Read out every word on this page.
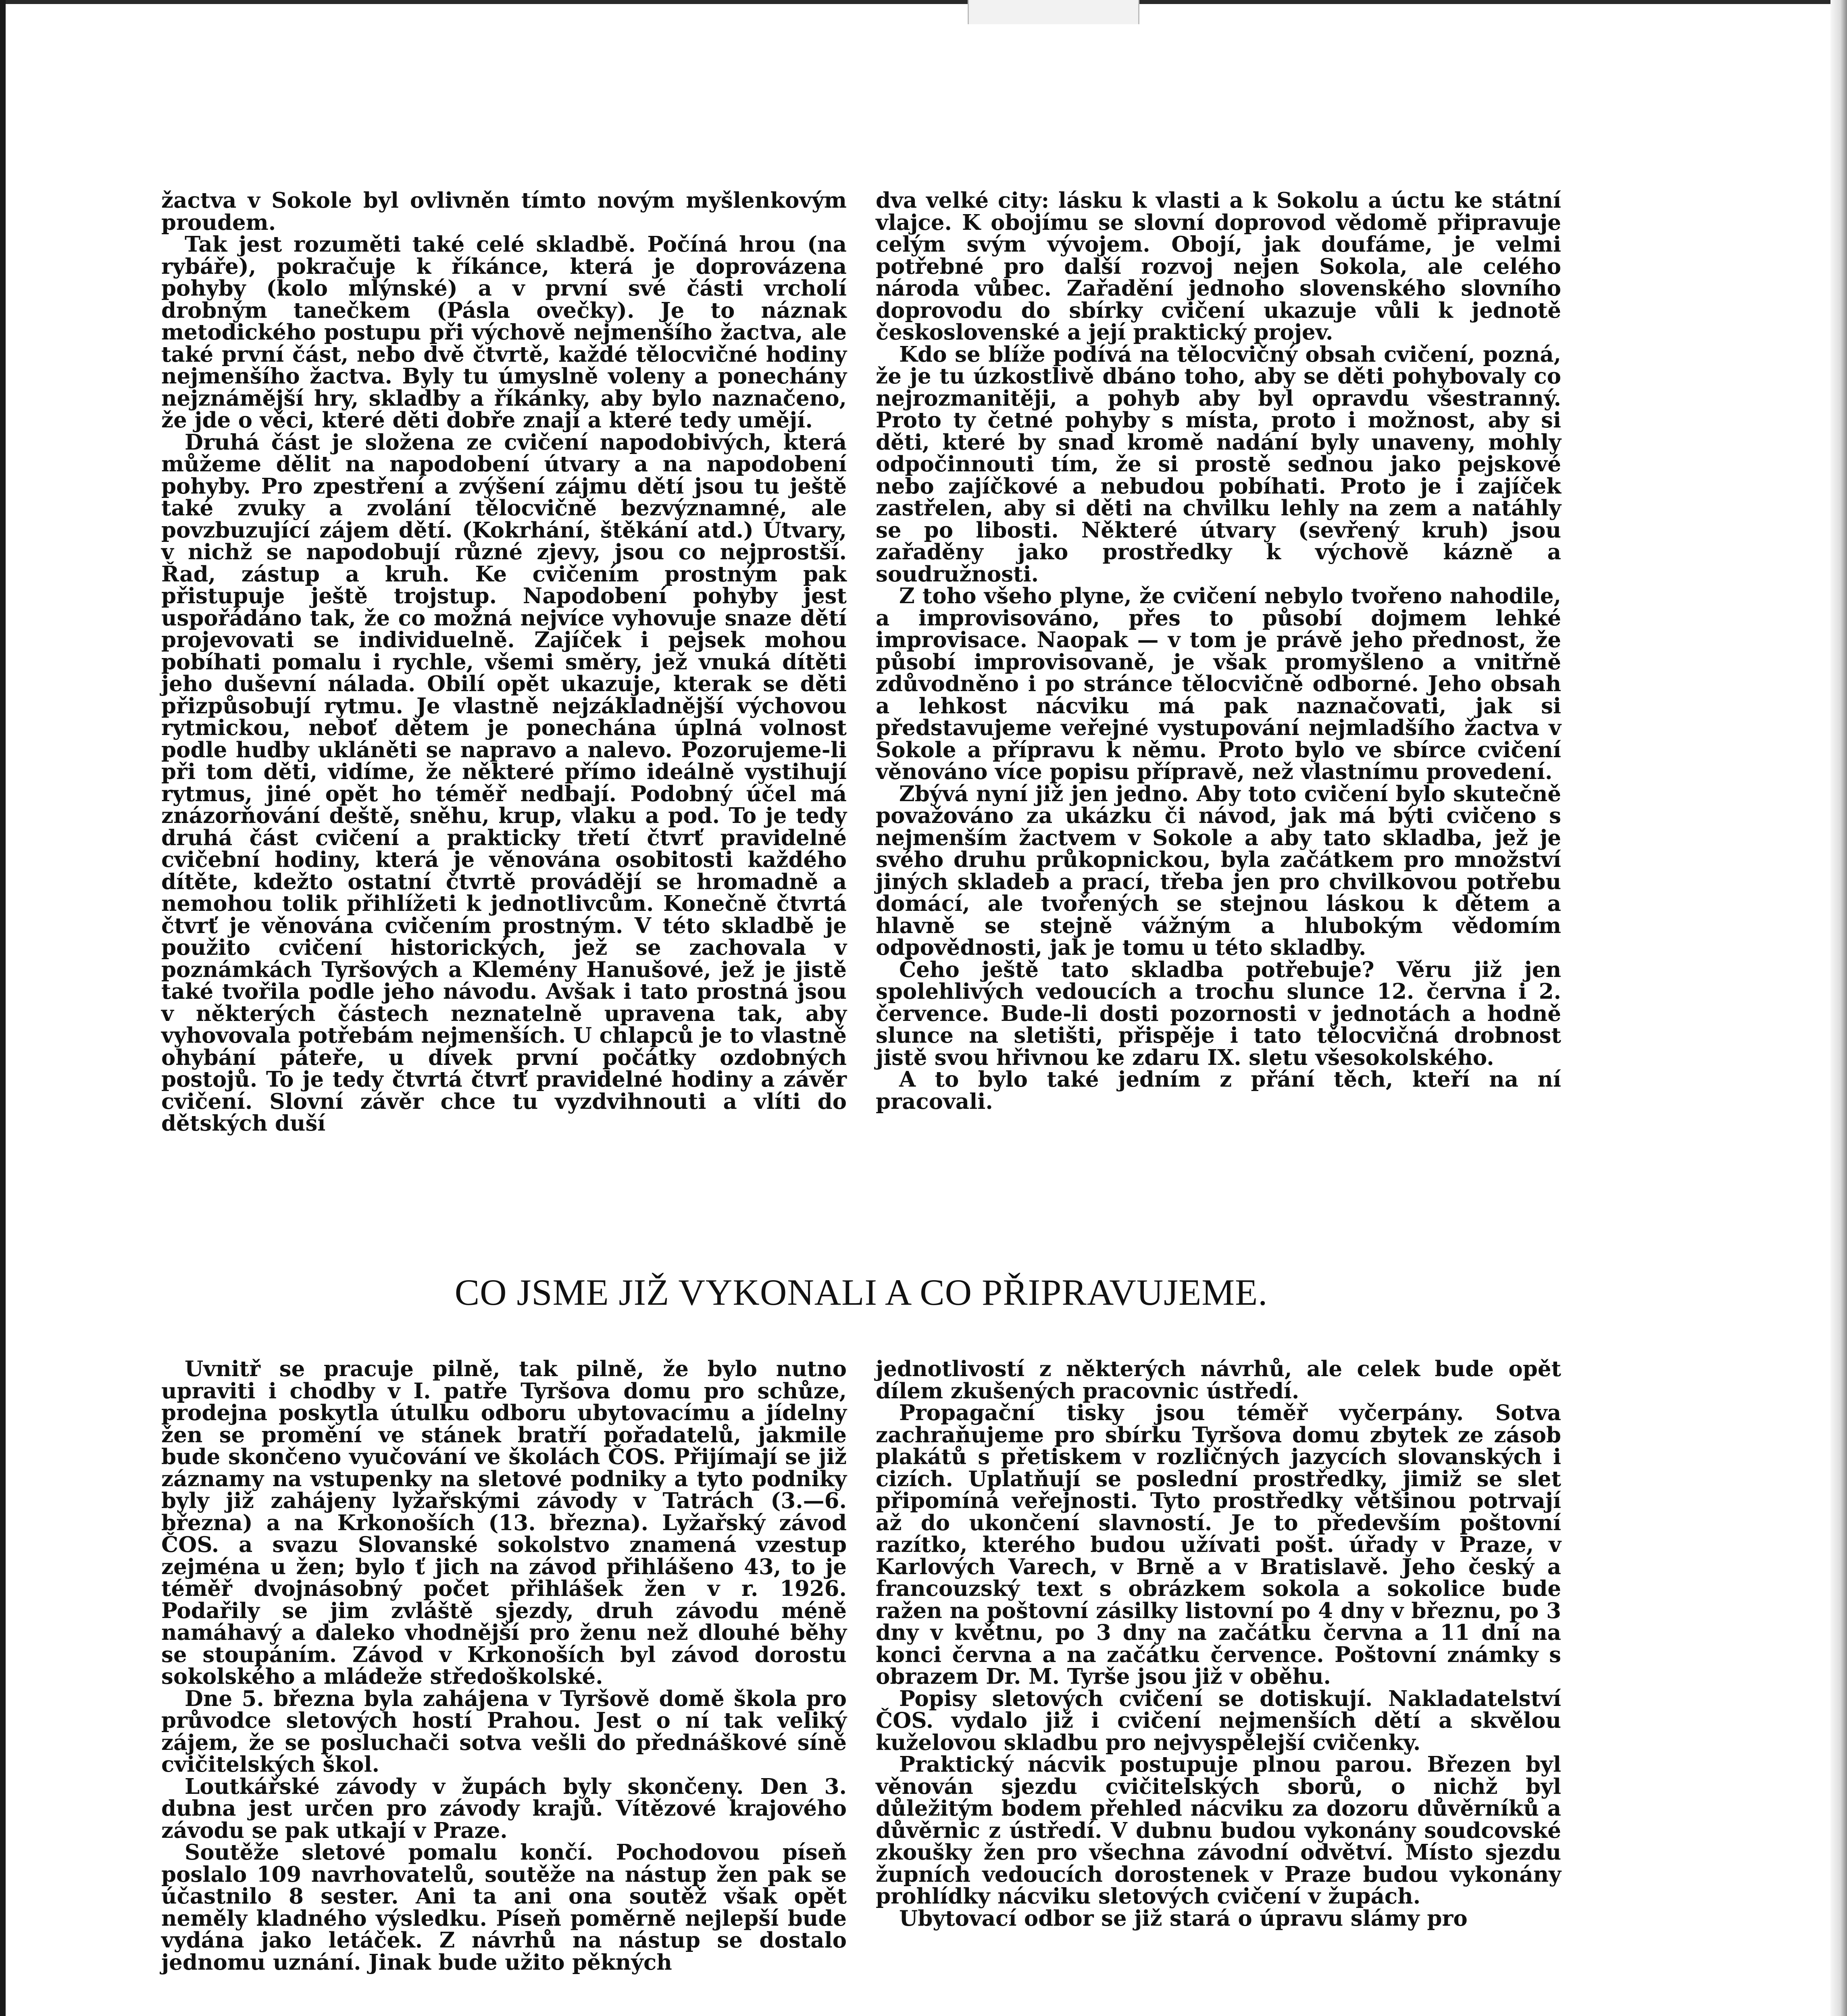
žactva v Sokole byl ovlivněn tímto novým myšlenkovým proudem.

Tak jest rozuměti také celé skladbě. Počíná hrou (na rybáře), pokračuje k říkánce, která je doprovázena pohyby (kolo mlýnské) a v první své části vrcholí drobným tanečkem (Pásla ovečky). Je to náznak metodického postupu při výchově nejmenšího žactva, ale také první část, nebo dvě čtvrtě, každé tělocvičné hodiny nejmenšího žactva. Byly tu úmyslně voleny a ponechány nejznámější hry, skladby a říkánky, aby bylo naznačeno, že jde o věci, které děti dobře znají a které tedy umějí.

Druhá část je složena ze cvičení napodobivých, která můžeme dělit na napodobení útvary a na napodobení pohyby. Pro zpestření a zvýšení zájmu dětí jsou tu ještě také zvuky a zvolání tělocvičně bezvýznamné, ale povzbuzující zájem dětí. (Kokrhání, štěkání atd.) Útvary, v nichž se napodobují různé zjevy, jsou co nejprostší. Řad, zástup a kruh. Ke cvičením prostným pak přistupuje ještě trojstup. Napodobení pohyby jest uspořádáno tak, že co možná nejvíce vyhovuje snaze dětí projevovati se individuelně. Zajíček i pejsek mohou pobíhati pomalu i rychle, všemi směry, jež vnuká dítěti jeho duševní nálada. Obilí opět ukazuje, kterak se děti přizpůsobují rytmu. Je vlastně nejzákladnější výchovou rytmickou, neboť dětem je ponechána úplná volnost podle hudby ukláněti se napravo a nalevo. Pozorujeme-li při tom děti, vidíme, že některé přímo ideálně vystihují rytmus, jiné opět ho téměř nedbají. Podobný účel má znázorňování deště, sněhu, krup, vlaku a pod. To je tedy druhá část cvičení a prakticky třetí čtvrť pravidelné cvičební hodiny, která je věnována osobitosti každého dítěte, kdežto ostatní čtvrtě provádějí se hromadně a nemohou tolik přihlížeti k jednotlivcům. Konečně čtvrtá čtvrť je věnována cvičením prostným. V této skladbě je použito cvičení historických, jež se zachovala v poznámkách Tyršových a Klemény Hanušové, jež je jistě také tvořila podle jeho návodu. Avšak i tato prostná jsou v některých částech neznatelně upravena tak, aby vyhovovala potřebám nejmenších. U chlapců je to vlastně ohybání páteře, u dívek první počátky ozdobných postojů. To je tedy čtvrtá čtvrť pravidelné hodiny a závěr cvičení. Slovní závěr chce tu vyzdvihnouti a vlíti do dětských duší

dva velké city: lásku k vlasti a k Sokolu a úctu ke státní vlajce. K obojímu se slovní doprovod vědomě připravuje celým svým vývojem. Obojí, jak doufáme, je velmi potřebné pro další rozvoj nejen Sokola, ale celého národa vůbec. Zařadění jednoho slovenského slovního doprovodu do sbírky cvičení ukazuje vůli k jednotě československé a její praktický projev.

Kdo se blíže podívá na tělocvičný obsah cvičení, pozná, že je tu úzkostlivě dbáno toho, aby se děti pohybovaly co nejrozmanitěji, a pohyb aby byl opravdu všestranný. Proto ty četné pohyby s místa, proto i možnost, aby si děti, které by snad kromě nadání byly unaveny, mohly odpočinnouti tím, že si prostě sednou jako pejskové nebo zajíčkové a nebudou pobíhati. Proto je i zajíček zastřelen, aby si děti na chvilku lehly na zem a natáhly se po libosti. Některé útvary (sevřený kruh) jsou zařaděny jako prostředky k výchově kázně a soudružnosti.

Z toho všeho plyne, že cvičení nebylo tvořeno nahodile, a improvisováno, přes to působí dojmem lehké improvisace. Naopak — v tom je právě jeho přednost, že působí improvisovaně, je však promyšleno a vnitřně zdůvodněno i po stránce tělocvičně odborné. Jeho obsah a lehkost nácviku má pak naznačovati, jak si představujeme veřejné vystupování nejmladšího žactva v Sokole a přípravu k němu. Proto bylo ve sbírce cvičení věnováno více popisu přípravě, než vlastnímu provedení.

Zbývá nyní již jen jedno. Aby toto cvičení bylo skutečně považováno za ukázku či návod, jak má býti cvičeno s nejmenším žactvem v Sokole a aby tato skladba, jež je svého druhu průkopnickou, byla začátkem pro množství jiných skladeb a prací, třeba jen pro chvilkovou potřebu domácí, ale tvořených se stejnou láskou k dětem a hlavně se stejně vážným a hlubokým vědomím odpovědnosti, jak je tomu u této skladby.

Čeho ještě tato skladba potřebuje? Věru již jen spolehlivých vedoucích a trochu slunce 12. června i 2. července. Bude-li dosti pozornosti v jednotách a hodně slunce na sletišti, přispěje i tato tělocvičná drobnost jistě svou hřivnou ke zdaru IX. sletu všesokolského.

A to bylo také jedním z přání těch, kteří na ní pracovali.

CO JSME JIŽ VYKONALI A CO PŘIPRAVUJEME.

Uvnitř se pracuje pilně, tak pilně, že bylo nutno upraviti i chodby v I. patře Tyršova domu pro schůze, prodejna poskytla útulku odboru ubytovacímu a jídelny žen se promění ve stánek bratří pořadatelů, jakmile bude skončeno vyučování ve školách ČOS. Přijímají se již záznamy na vstupenky na sletové podniky a tyto podniky byly již zahájeny lyžařskými závody v Tatrách (3.—6. března) a na Krkonoších (13. března). Lyžařský závod ČOS. a svazu Slovanské sokolstvo znamená vzestup zejména u žen; bylo ť jich na závod přihlášeno 43, to je téměř dvojnásobný počet přihlášek žen v r. 1926. Podařily se jim zvláště sjezdy, druh závodu méně namáhavý a daleko vhodnější pro ženu než dlouhé běhy se stoupáním. Závod v Krkonoších byl závod dorostu sokolského a mládeže středoškolské.

Dne 5. března byla zahájena v Tyršově domě škola pro průvodce sletových hostí Prahou. Jest o ní tak veliký zájem, že se posluchači sotva vešli do přednáškové síně cvičitelských škol.

Loutkářské závody v župách byly skončeny. Den 3. dubna jest určen pro závody krajů. Vítězové krajového závodu se pak utkají v Praze.

Soutěže sletové pomalu končí. Pochodovou píseň poslalo 109 navrhovatelů, soutěže na nástup žen pak se účastnilo 8 sester. Ani ta ani ona soutěž však opět neměly kladného výsledku. Píseň poměrně nejlepší bude vydána jako letáček. Z návrhů na nástup se dostalo jednomu uznání. Jinak bude užito pěkných

jednotlivostí z některých návrhů, ale celek bude opět dílem zkušených pracovnic ústředí.

Propagační tisky jsou téměř vyčerpány. Sotva zachraňujeme pro sbírku Tyršova domu zbytek ze zásob plakátů s přetiskem v rozličných jazycích slovanských i cizích. Uplatňují se poslední prostředky, jimiž se slet připomíná veřejnosti. Tyto prostředky většinou potrvají až do ukončení slavností. Je to především poštovní razítko, kterého budou užívati pošt. úřady v Praze, v Karlových Varech, v Brně a v Bratislavě. Jeho český a francouzský text s obrázkem sokola a sokolice bude ražen na poštovní zásilky listovní po 4 dny v březnu, po 3 dny v květnu, po 3 dny na začátku června a 11 dní na konci června a na začátku července. Poštovní známky s obrazem Dr. M. Tyrše jsou již v oběhu.

Popisy sletových cvičení se dotiskují. Nakladatelství ČOS. vydalo již i cvičení nejmenších dětí a skvělou kuželovou skladbu pro nejvyspělejší cvičenky.

Praktický nácvik postupuje plnou parou. Březen byl věnován sjezdu cvičitelských sborů, o nichž byl důležitým bodem přehled nácviku za dozoru důvěrníků a důvěrnic z ústředí. V dubnu budou vykonány soudcovské zkoušky žen pro všechna závodní odvětví. Místo sjezdu župních vedoucích dorostenek v Praze budou vykonány prohlídky nácviku sletových cvičení v župách.

Ubytovací odbor se již stará o úpravu slámy pro
